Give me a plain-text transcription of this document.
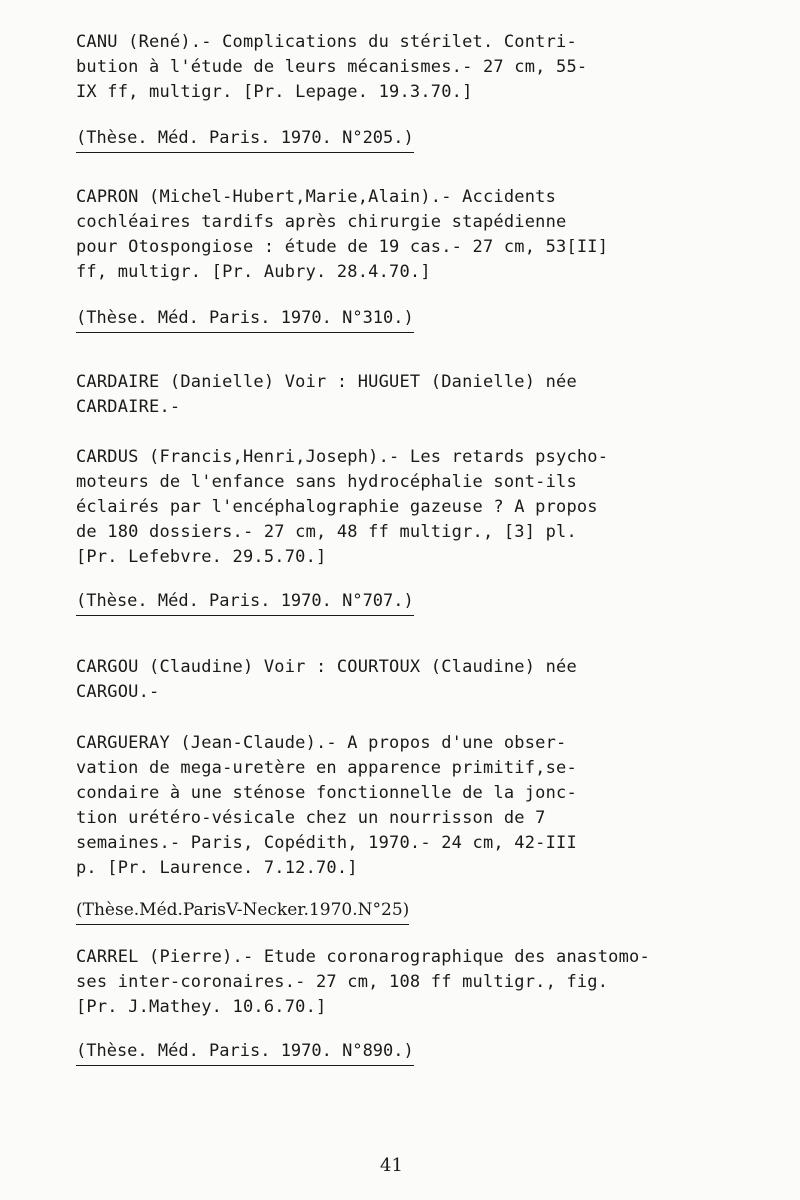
CANU (René).- Complications du stérilet. Contri-
bution à l'étude de leurs mécanismes.- 27 cm, 55-
IX ff, multigr. [Pr. Lepage. 19.3.70.]
(Thèse. Méd. Paris. 1970. N°205.)
CAPRON (Michel-Hubert,Marie,Alain).- Accidents
cochléaires tardifs après chirurgie stapédienne
pour Otospongiose : étude de 19 cas.- 27 cm, 53[II]
ff, multigr. [Pr. Aubry. 28.4.70.]
(Thèse. Méd. Paris. 1970. N°310.)
CARDAIRE (Danielle) Voir : HUGUET (Danielle) née
CARDAIRE.-
CARDUS (Francis,Henri,Joseph).- Les retards psycho-
moteurs de l'enfance sans hydrocéphalie sont-ils
éclairés par l'encéphalographie gazeuse ? A propos
de 180 dossiers.- 27 cm, 48 ff multigr., [3] pl.
[Pr. Lefebvre. 29.5.70.]
(Thèse. Méd. Paris. 1970. N°707.)
CARGOU (Claudine) Voir : COURTOUX (Claudine) née
CARGOU.-
CARGUERAY (Jean-Claude).- A propos d'une obser-
vation de mega-uretère en apparence primitif,se-
condaire à une sténose fonctionnelle de la jonc-
tion urétéro-vésicale chez un nourrisson de 7
semaines.- Paris, Copédith, 1970.- 24 cm, 42-III
p. [Pr. Laurence. 7.12.70.]
(Thèse.Méd.ParisV-Necker.1970.N°25)
CARREL (Pierre).- Etude coronarographique des anastomo-
ses inter-coronaires.- 27 cm, 108 ff multigr., fig.
[Pr. J.Mathey. 10.6.70.]
(Thèse. Méd. Paris. 1970. N°890.)
41
